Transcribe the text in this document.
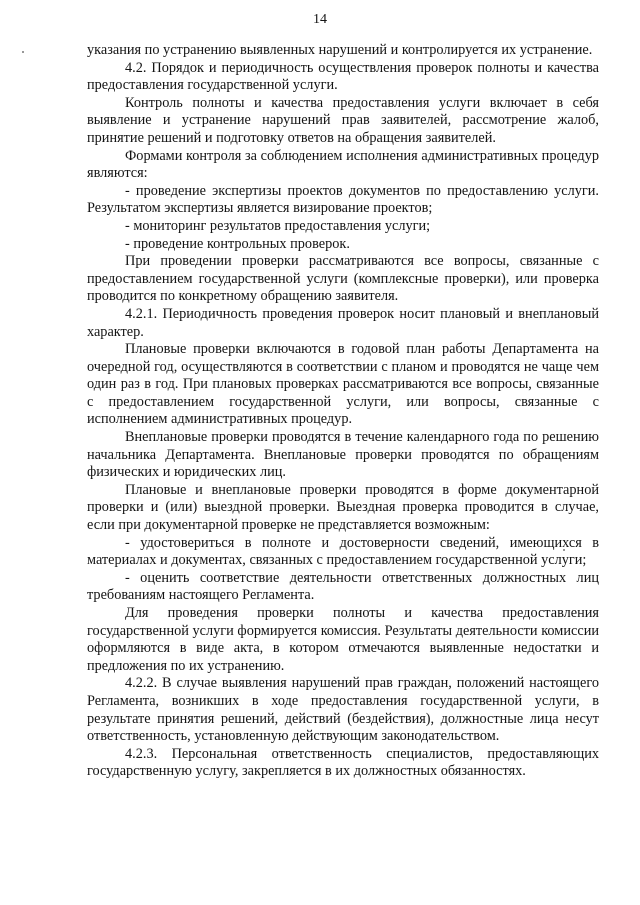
14

указания по устранению выявленных нарушений и контролируется их устранение.

4.2. Порядок и периодичность осуществления проверок полноты и качества предоставления государственной услуги.

Контроль полноты и качества предоставления услуги включает в себя выявление и устранение нарушений прав заявителей, рассмотрение жалоб, принятие решений и подготовку ответов на обращения заявителей.

Формами контроля за соблюдением исполнения административных процедур являются:

- проведение экспертизы проектов документов по предоставлению услуги. Результатом экспертизы является визирование проектов;

- мониторинг результатов предоставления услуги;

- проведение контрольных проверок.

При проведении проверки рассматриваются все вопросы, связанные с предоставлением государственной услуги (комплексные проверки), или проверка проводится по конкретному обращению заявителя.

4.2.1. Периодичность проведения проверок носит плановый и внеплановый характер.

Плановые проверки включаются в годовой план работы Департамента на очередной год, осуществляются в соответствии с планом и проводятся не чаще чем один раз в год. При плановых проверках рассматриваются все вопросы, связанные с предоставлением государственной услуги, или вопросы, связанные с исполнением административных процедур.

Внеплановые проверки проводятся в течение календарного года по решению начальника Департамента. Внеплановые проверки проводятся по обращениям физических и юридических лиц.

Плановые и внеплановые проверки проводятся в форме документарной проверки и (или) выездной проверки. Выездная проверка проводится в случае, если при документарной проверке не представляется возможным:

- удостовериться в полноте и достоверности сведений, имеющихся в материалах и документах, связанных с предоставлением государственной услуги;

- оценить соответствие деятельности ответственных должностных лиц требованиям настоящего Регламента.

Для проведения проверки полноты и качества предоставления государственной услуги формируется комиссия. Результаты деятельности комиссии оформляются в виде акта, в котором отмечаются выявленные недостатки и предложения по их устранению.

4.2.2. В случае выявления нарушений прав граждан, положений настоящего Регламента, возникших в ходе предоставления государственной услуги, в результате принятия решений, действий (бездействия), должностные лица несут ответственность, установленную действующим законодательством.

4.2.3. Персональная ответственность специалистов, предоставляющих государственную услугу, закрепляется в их должностных обязанностях.
